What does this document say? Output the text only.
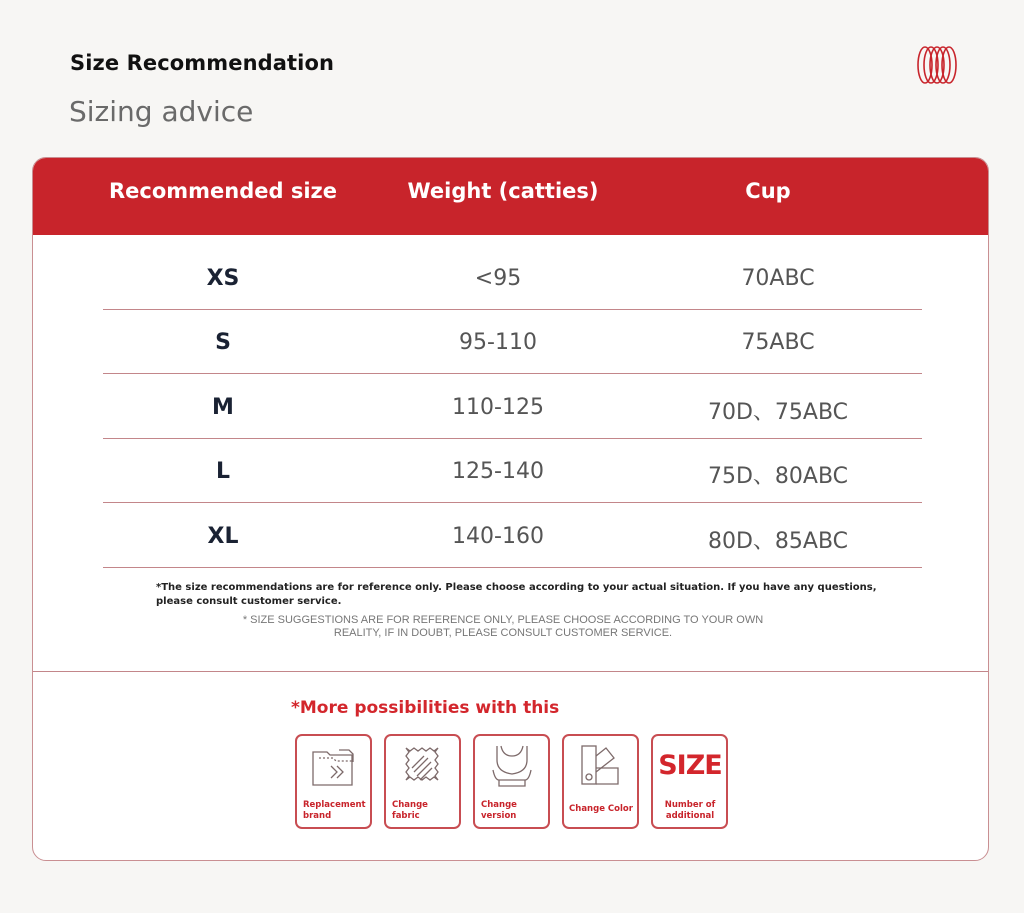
Size Recommendation
Sizing advice
Recommended size	Weight (catties)	Cup
XS	<95	70ABC
S	95-110	75ABC
M	110-125	70D、75ABC
L	125-140	75D、80ABC
XL	140-160	80D、85ABC
*The size recommendations are for reference only. Please choose according to your actual situation. If you have any questions, please consult customer service.
* SIZE SUGGESTIONS ARE FOR REFERENCE ONLY, PLEASE CHOOSE ACCORDING TO YOUR OWN REALITY, IF IN DOUBT, PLEASE CONSULT CUSTOMER SERVICE.
*More possibilities with this
Replacement brand
Change fabric
Change version
Change Color
SIZE
Number of additional
